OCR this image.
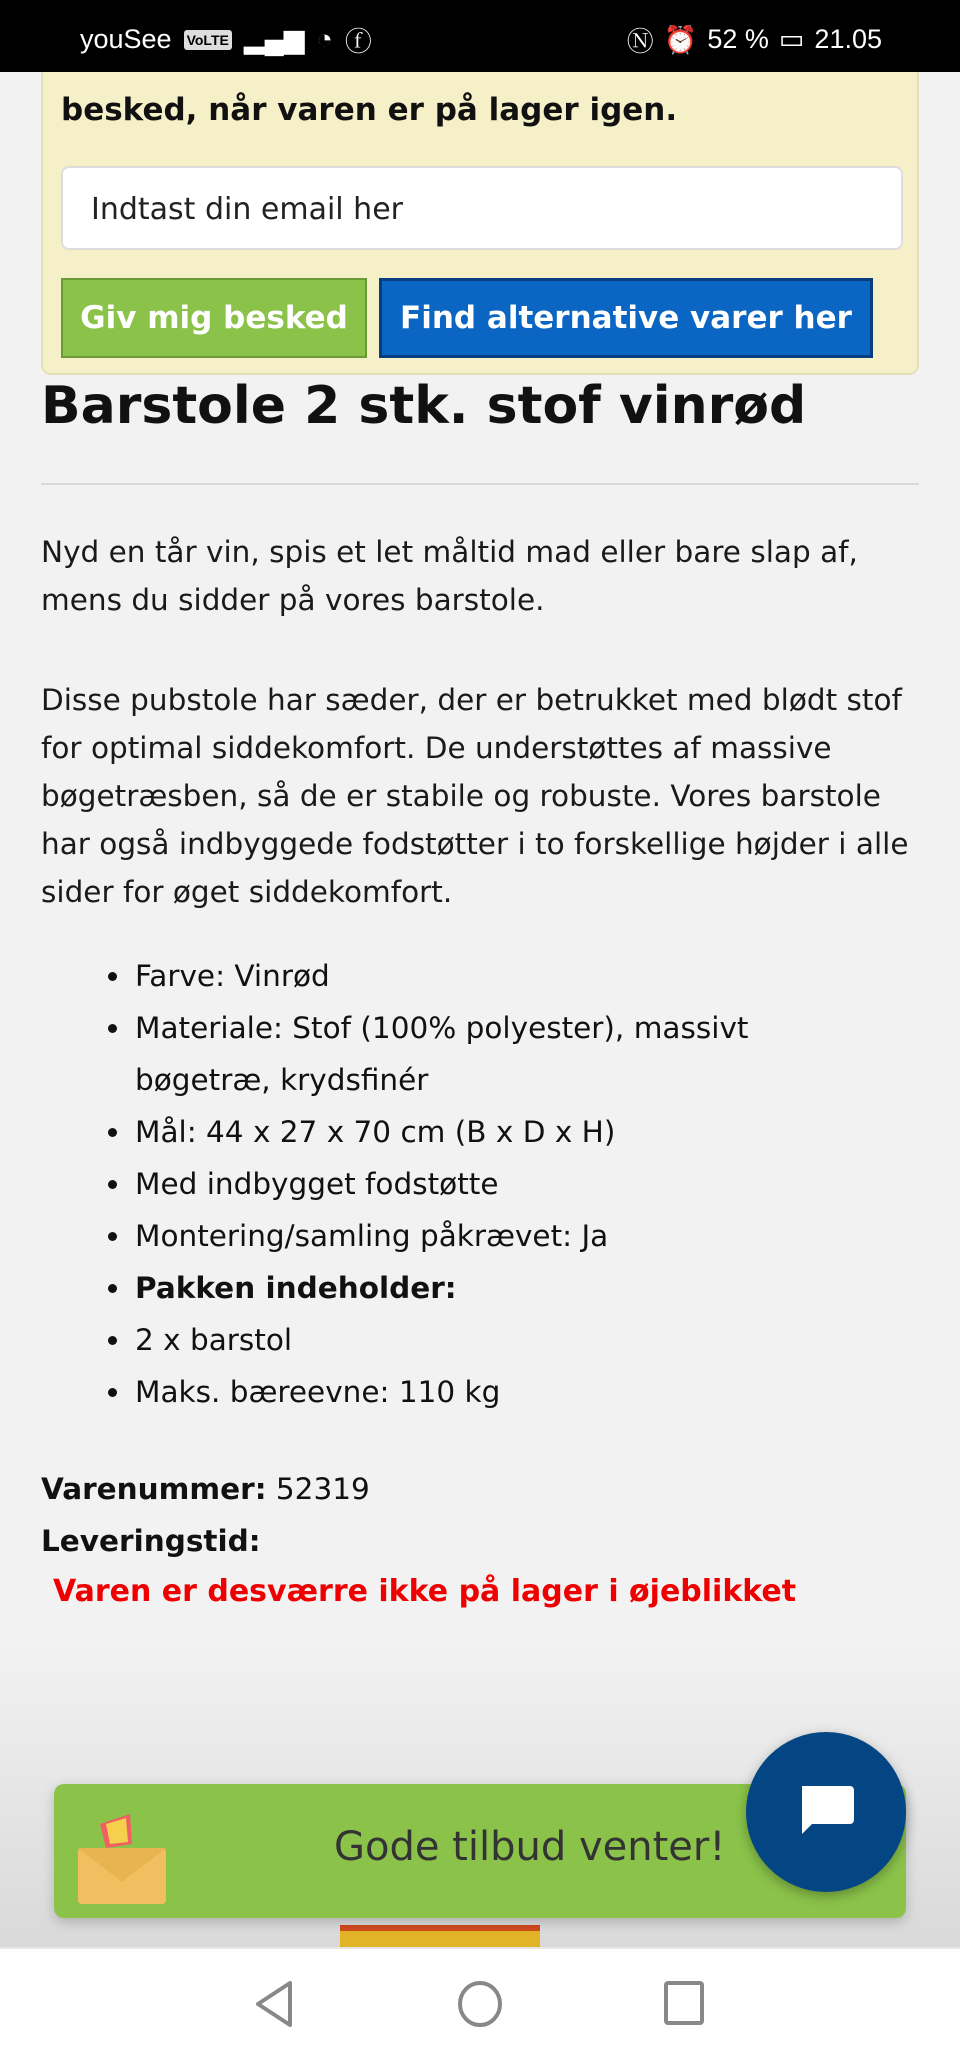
youSee VoLTE ▂▄▆ ◔ ⓕ	Ⓝ ⏰ 52 % ▭ 21.05
besked, når varen er på lager igen.
Indtast din email her
Giv mig besked	Find alternative varer her
Barstole 2 stk. stof vinrød
Nyd en tår vin, spis et let måltid mad eller bare slap af, mens du sidder på vores barstole.
Disse pubstole har sæder, der er betrukket med blødt stof for optimal siddekomfort. De understøttes af massive bøgetræsben, så de er stabile og robuste. Vores barstole har også indbyggede fodstøtter i to forskellige højder i alle sider for øget siddekomfort.
• Farve: Vinrød
• Materiale: Stof (100% polyester), massivt bøgetræ, krydsfinér
• Mål: 44 x 27 x 70 cm (B x D x H)
• Med indbygget fodstøtte
• Montering/samling påkrævet: Ja
• Pakken indeholder:
• 2 x barstol
• Maks. bæreevne: 110 kg
Varenummer: 52319
Leveringstid:
Varen er desværre ikke på lager i øjeblikket

Gode tilbud venter!
